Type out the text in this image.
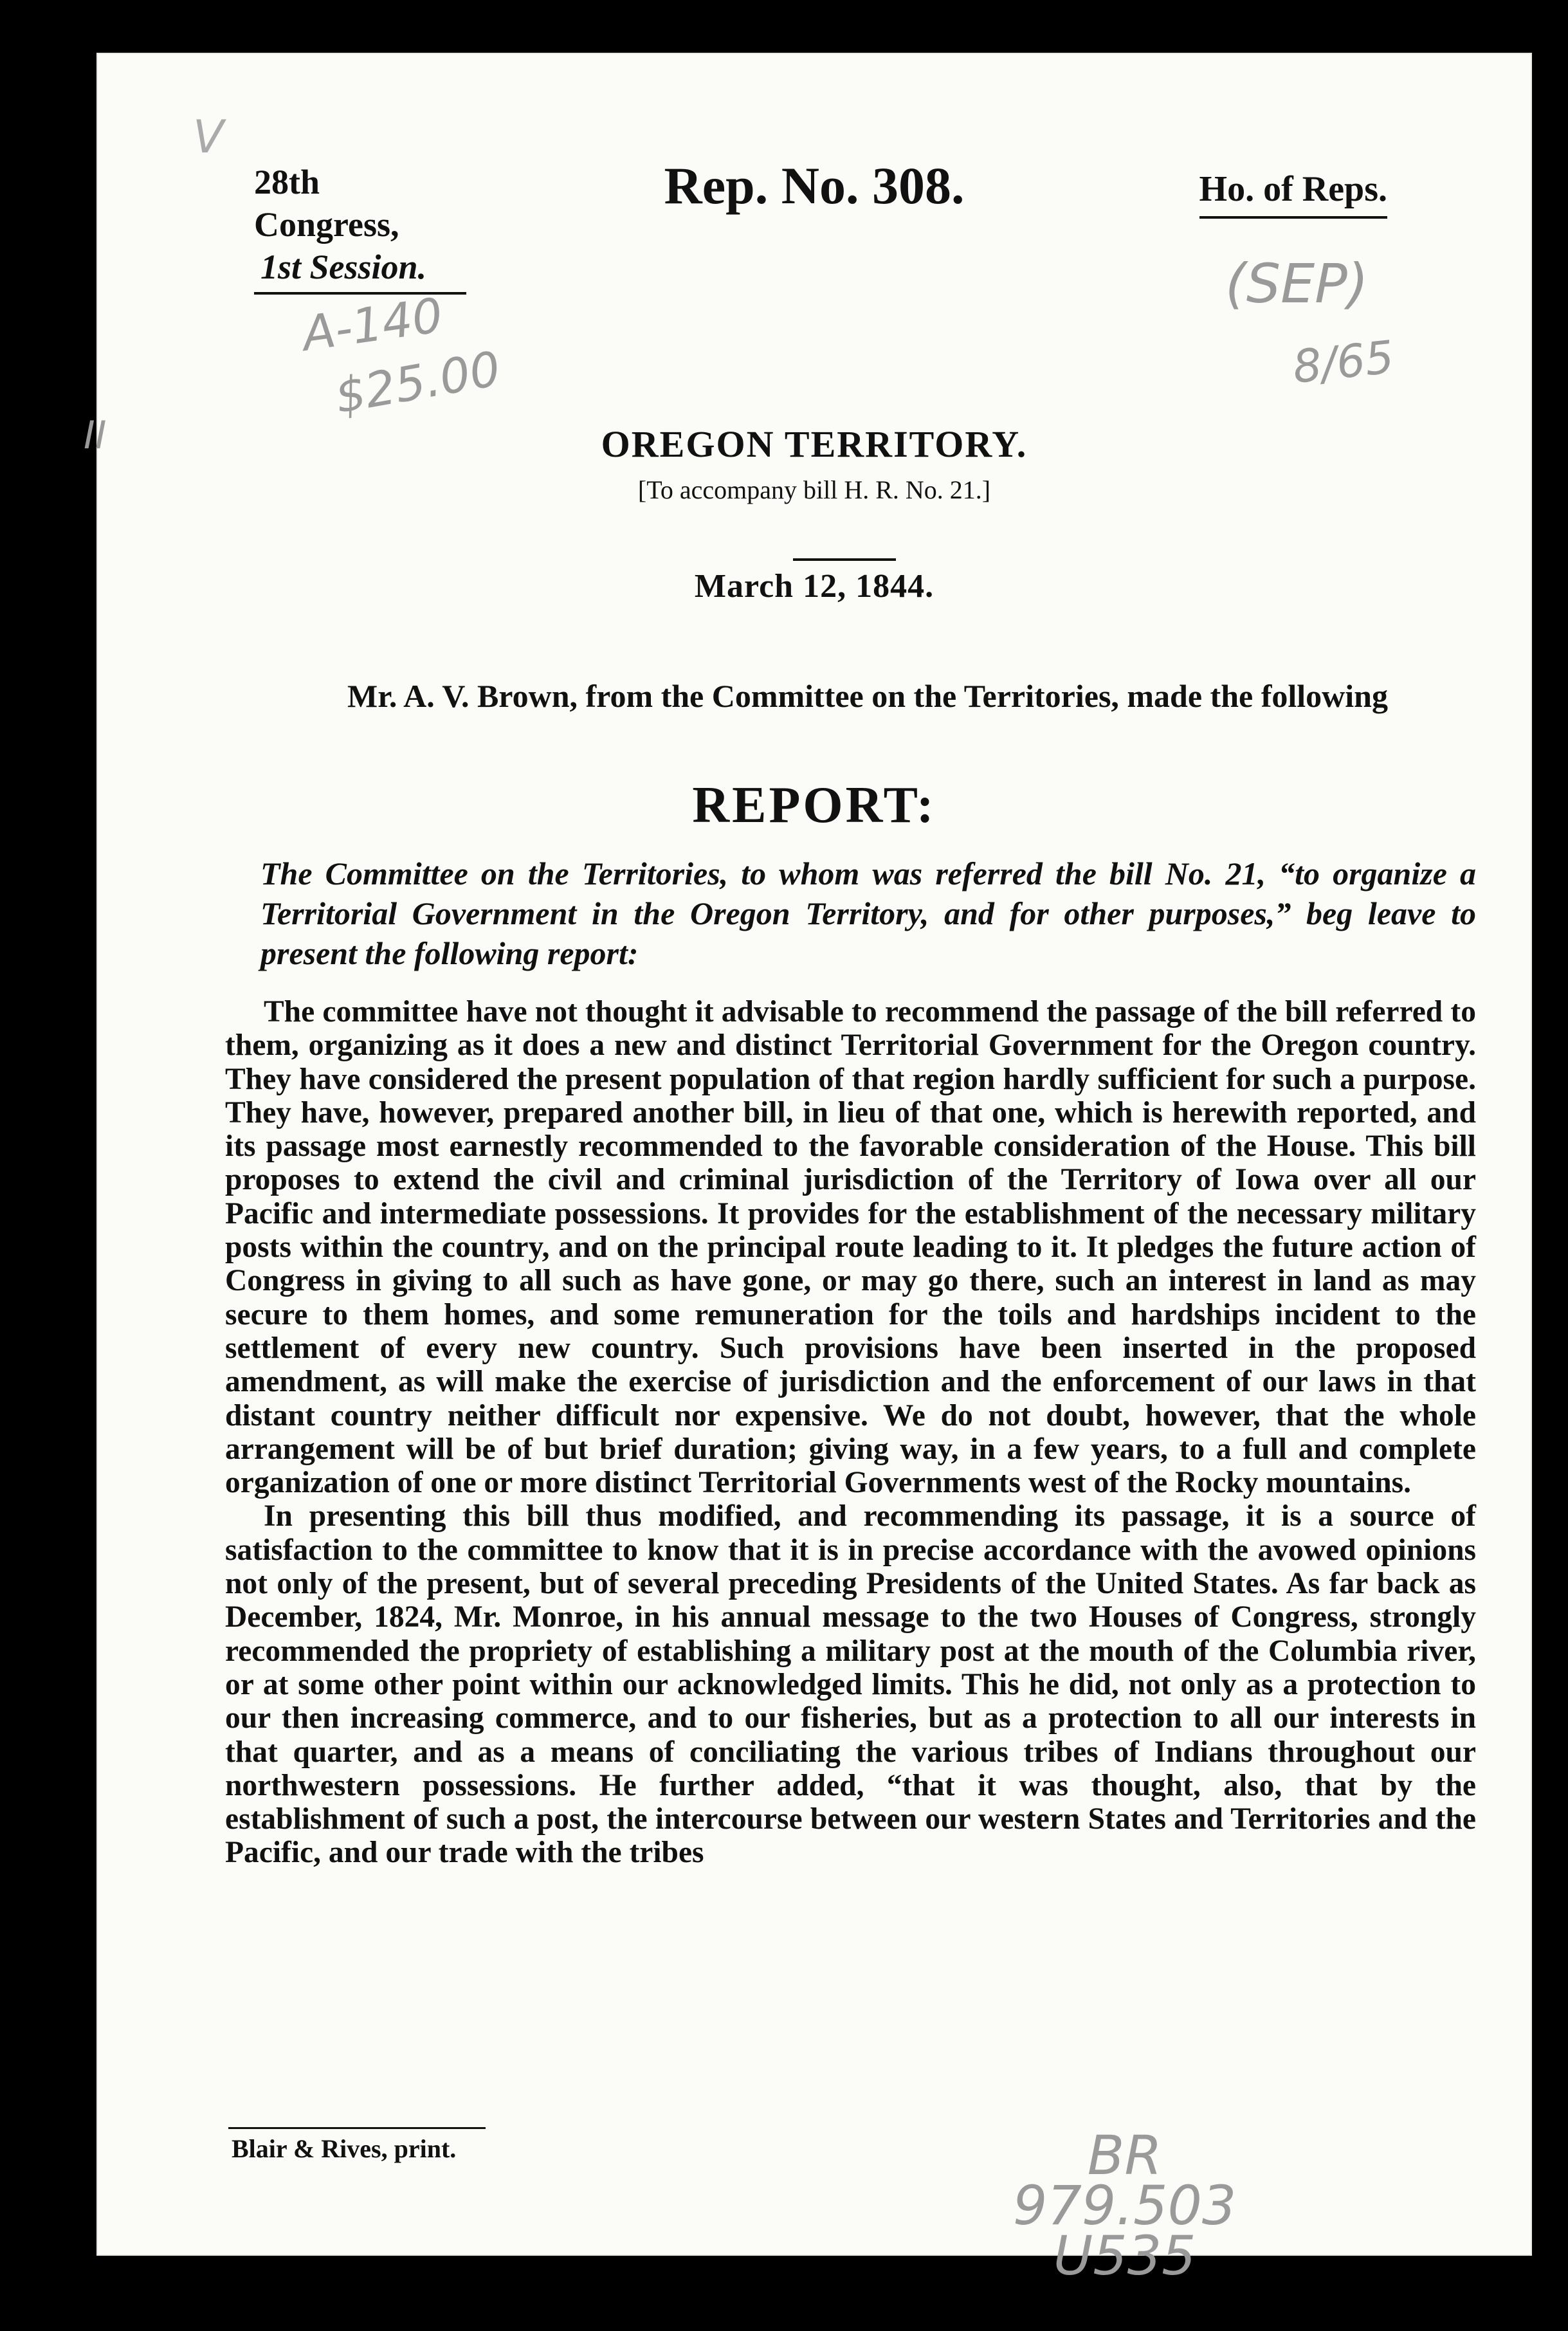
28th Congress,
1st Session.
Rep. No. 308.	Ho. of Reps.
A-140
$25.00
(SEP)
8/65
II
V
BR
979.503
U535
OREGON TERRITORY.
[To accompany bill H. R. No. 21.]
March 12, 1844.
Mr. A. V. Brown, from the Committee on the Territories, made the following
REPORT:
The Committee on the Territories, to whom was referred the bill No. 21, “to organize a Territorial Government in the Oregon Territory, and for other purposes,” beg leave to present the following report:

The committee have not thought it advisable to recommend the passage of the bill referred to them, organizing as it does a new and distinct Territorial Government for the Oregon country. They have considered the present population of that region hardly sufficient for such a purpose. They have, however, prepared another bill, in lieu of that one, which is herewith reported, and its passage most earnestly recommended to the favorable consideration of the House. This bill proposes to extend the civil and criminal jurisdiction of the Territory of Iowa over all our Pacific and intermediate possessions. It provides for the establishment of the necessary military posts within the country, and on the principal route leading to it. It pledges the future action of Congress in giving to all such as have gone, or may go there, such an interest in land as may secure to them homes, and some remuneration for the toils and hardships incident to the settlement of every new country. Such provisions have been inserted in the proposed amendment, as will make the exercise of jurisdiction and the enforcement of our laws in that distant country neither difficult nor expensive. We do not doubt, however, that the whole arrangement will be of but brief duration; giving way, in a few years, to a full and complete organization of one or more distinct Territorial Governments west of the Rocky mountains.

In presenting this bill thus modified, and recommending its passage, it is a source of satisfaction to the committee to know that it is in precise accordance with the avowed opinions not only of the present, but of several preceding Presidents of the United States. As far back as December, 1824, Mr. Monroe, in his annual message to the two Houses of Congress, strongly recommended the propriety of establishing a military post at the mouth of the Columbia river, or at some other point within our acknowledged limits. This he did, not only as a protection to our then increasing commerce, and to our fisheries, but as a protection to all our interests in that quarter, and as a means of conciliating the various tribes of Indians throughout our northwestern possessions. He further added, “that it was thought, also, that by the establishment of such a post, the intercourse between our western States and Territories and the Pacific, and our trade with the tribes

Blair & Rives, print.
